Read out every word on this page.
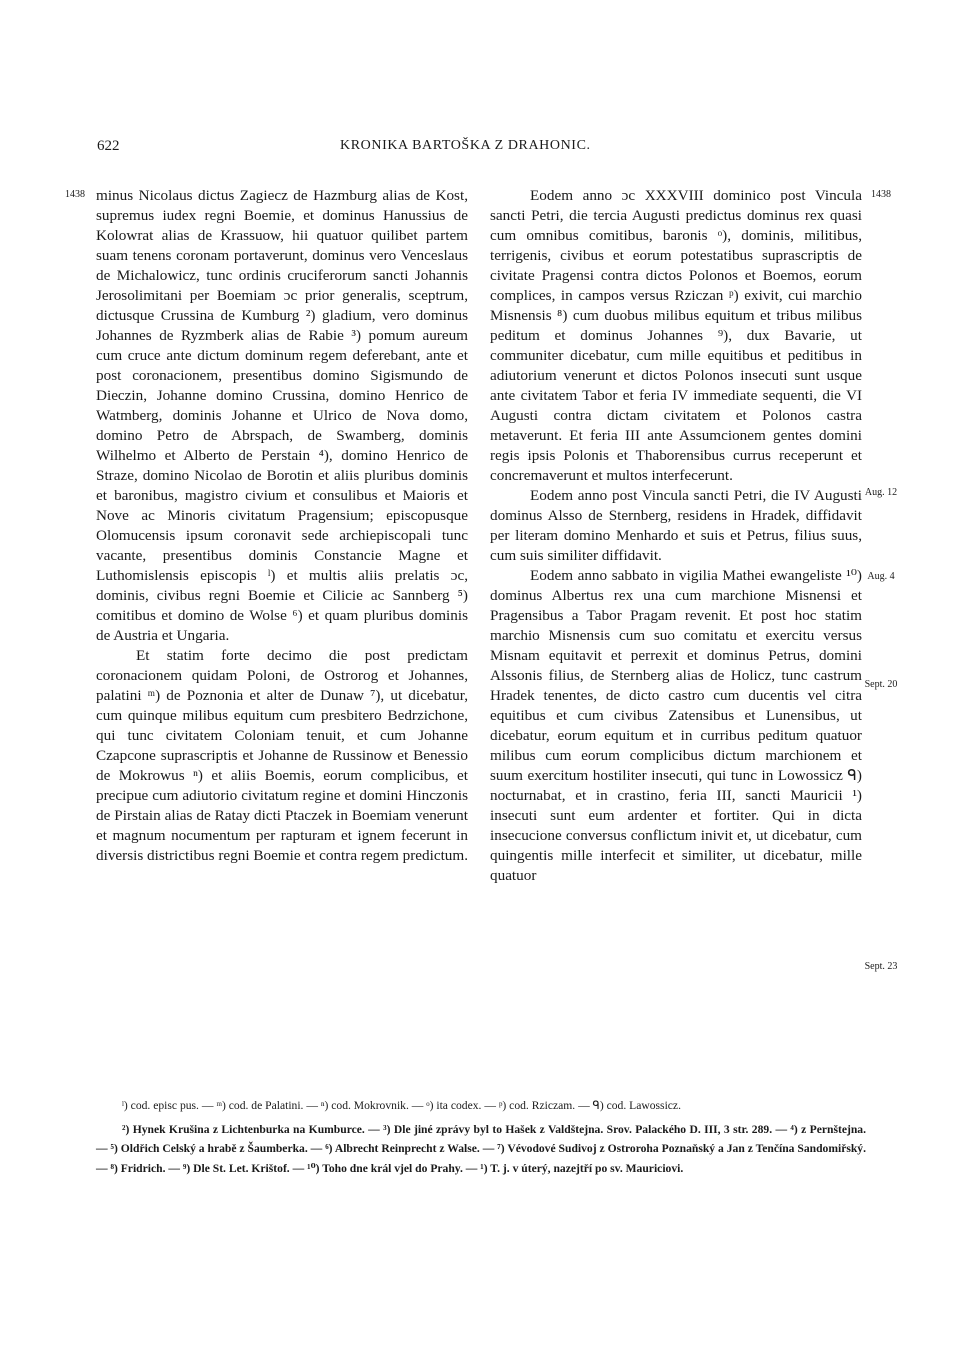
622	KRONIKA BARTOŠKA Z DRAHONIC.
1438	1438
Aug. 12
Aug. 4
Sept. 20
Sept. 23

minus Nicolaus dictus Zagiecz de Hazmburg alias de Kost, supremus iudex regni Boemie, et dominus Hanussius de Kolowrat alias de Krassuow, hii quatuor quilibet partem suam tenens coronam portaverunt, dominus vero Venceslaus de Michalowicz, tunc ordinis cruciferorum sancti Johannis Jerosolimitani per Boemiam ɔc prior generalis, sceptrum, dictusque Crussina de Kumburg ²) gladium, vero dominus Johannes de Ryzmberk alias de Rabie ³) pomum aureum cum cruce ante dictum dominum regem deferebant, ante et post coronacionem, presentibus domino Sigismundo de Dieczin, Johanne domino Crussina, domino Henrico de Watmberg, dominis Johanne et Ulrico de Nova domo, domino Petro de Abrspach, de Swamberg, dominis Wilhelmo et Alberto de Perstain ⁴), domino Henrico de Straze, domino Nicolao de Borotin et aliis pluribus dominis et baronibus, magistro civium et consulibus et Maioris et Nove ac Minoris civitatum Pragensium; episcopusque Olomucensis ipsum coronavit sede archiepiscopali tunc vacante, presentibus dominis Constancie Magne et Luthomislensis episcopis ˡ) et multis aliis prelatis ɔc, dominis, civibus regni Boemie et Cilicie ac Sannberg ⁵) comitibus et domino de Wolse ⁶) et quam pluribus dominis de Austria et Ungaria.

Et statim forte decimo die post predictam coronacionem quidam Poloni, de Ostrorog et Johannes, palatini ᵐ) de Poznonia et alter de Dunaw ⁷), ut dicebatur, cum quinque milibus equitum cum presbitero Bedrzichone, qui tunc civitatem Coloniam tenuit, et cum Johanne Czapcone suprascriptis et Johanne de Russinow et Benessio de Mokrowus ⁿ) et aliis Boemis, eorum complicibus, et precipue cum adiutorio civitatum regine et domini Hinczonis de Pirstain alias de Ratay dicti Ptaczek in Boemiam venerunt et magnum nocumentum per rapturam et ignem fecerunt in diversis districtibus regni Boemie et contra regem predictum.

Eodem anno ɔc XXXVIII dominico post Vincula sancti Petri, die tercia Augusti predictus dominus rex quasi cum omnibus comitibus, baronis ᵒ), dominis, militibus, terrigenis, civibus et eorum potestatibus suprascriptis de civitate Pragensi contra dictos Polonos et Boemos, eorum complices, in campos versus Rziczan ᵖ) exivit, cui marchio Misnensis ⁸) cum duobus milibus equitum et tribus milibus peditum et dominus Johannes ⁹), dux Bavarie, ut communiter dicebatur, cum mille equitibus et peditibus in adiutorium venerunt et dictos Polonos insecuti sunt usque ante civitatem Tabor et feria IV immediate sequenti, die VI Augusti contra dictam civitatem et Polonos castra metaverunt. Et feria III ante Assumcionem gentes domini regis ipsis Polonis et Thaborensibus currus receperunt et concremaverunt et multos interfecerunt.

Eodem anno post Vincula sancti Petri, die IV Augusti dominus Alsso de Sternberg, residens in Hradek, diffidavit per literam domino Menhardo et suis et Petrus, filius suus, cum suis similiter diffidavit.

Eodem anno sabbato in vigilia Mathei ewangeliste ¹⁰) dominus Albertus rex una cum marchione Misnensi et Pragensibus a Tabor Pragam revenit. Et post hoc statim marchio Misnensis cum suo comitatu et exercitu versus Misnam equitavit et perrexit et dominus Petrus, domini Alssonis filius, de Sternberg alias de Holicz, tunc castrum Hradek tenentes, de dicto castro cum ducentis vel citra equitibus et cum civibus Zatensibus et Lunensibus, ut dicebatur, eorum equitum et in curribus peditum quatuor milibus cum eorum complicibus dictum marchionem et suum exercitum hostiliter insecuti, qui tunc in Lowossicz ᑫ) nocturnabat, et in crastino, feria III, sancti Mauricii ¹) insecuti sunt eum ardenter et fortiter. Qui in dicta insecucione conversus conflictum inivit et, ut dicebatur, cum quingentis mille interfecit et similiter, ut dicebatur, mille quatuor

ˡ) cod. episc pus. — ᵐ) cod. de Palatini. — ⁿ) cod. Mokrovnik. — ᵒ) ita codex. — ᵖ) cod. Rziczam. — ᑫ) cod. Lawossicz.

²) Hynek Krušina z Lichtenburka na Kumburce. — ³) Dle jiné zprávy byl to Hašek z Valdštejna. Srov. Palackého D. III, 3 str. 289. — ⁴) z Pernštejna. — ⁵) Oldřich Celský a hrabě z Šaumberka. — ⁶) Albrecht Reinprecht z Walse. — ⁷) Vévodové Sudivoj z Ostroroha Poznaňský a Jan z Tenčína Sandomiřský. — ⁸) Fridrich. — ⁹) Dle St. Let. Krištof. — ¹⁰) Toho dne král vjel do Prahy. — ¹) T. j. v úterý, nazejtří po sv. Mauriciovi.
